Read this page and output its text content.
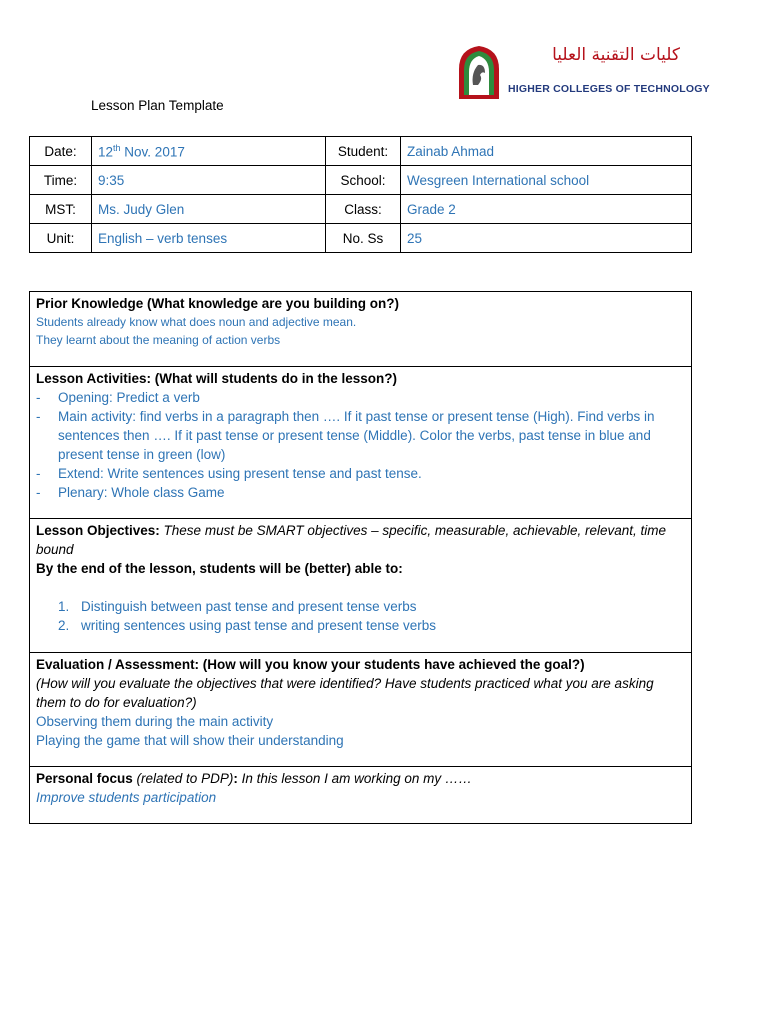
كليات التقنية العليا
HIGHER COLLEGES OF TECHNOLOGY
Lesson Plan Template
Date:	12th Nov. 2017	Student:	Zainab Ahmad
Time:	9:35	School:	Wesgreen International school
MST:	Ms. Judy Glen	Class:	Grade 2
Unit:	English – verb tenses	No. Ss	25
Prior Knowledge (What knowledge are you building on?)
Students already know what does noun and adjective mean.
They learnt about the meaning of action verbs
Lesson Activities: (What will students do in the lesson?)
- Opening: Predict a verb
- Main activity: find verbs in a paragraph then …. If it past tense or present tense (High). Find verbs in sentences then …. If it past tense or present tense (Middle). Color the verbs, past tense in blue and present tense in green (low)
- Extend: Write sentences using present tense and past tense.
- Plenary: Whole class Game
Lesson Objectives: These must be SMART objectives – specific, measurable, achievable, relevant, time bound
By the end of the lesson, students will be (better) able to:
1. Distinguish between past tense and present tense verbs
2. writing sentences using past tense and present tense verbs
Evaluation / Assessment: (How will you know your students have achieved the goal?)
(How will you evaluate the objectives that were identified? Have students practiced what you are asking them to do for evaluation?)
Observing them during the main activity
Playing the game that will show their understanding
Personal focus (related to PDP): In this lesson I am working on my ……
Improve students participation
